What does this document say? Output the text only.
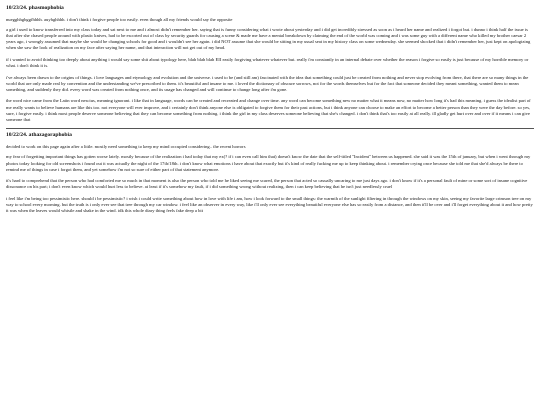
10/23/24. phasmophobia

nuegghhgbggfhhhh. auyhghhhh. i don't think i forgive people too easily. even though all my friends would say the opposite

a girl i used to know transferred into my class today and sat next to me and i almost didn't remember her. saying that is funny considering what i wrote about yesterday and i did get incredibly stressed as soon as i heard her name and realized i forgot but. i dunno i think half the issue is that after she chased people around with plastic knives, had to be escorted out of class by security guards for causing a scene & made me have a mental breakdown by claiming the end of the world was coming and i was some guy with a different name who killed my brother caesar 2 years ago, i wrongly assumed that maybe she would be changing schools for good and i wouldn't see her again. i did NOT assume that she would be sitting in my usual seat in my history class on some wednesday. she seemed shocked that i didn't remember her, just kept on apologizing when she saw the look of realization on my face after saying her name, and that interaction will not get out of my head.

if i wanted to avoid thinking too deeply about anything i would say some shit about typology here, blah blah blah EII easily forgiving whatever whatever but. really i'm constantly in an internal debate over whether the reason i forgive so easily is just because of my horrible memory or what. i don't think it is.

i've always been drawn to the origins of things. i love languages and etymology and evolution and the universe. i used to be (and still am) fascinated with the idea that something could just be created from nothing and never stop evolving from there, that there are so many things in the world that are only made real by convention and the understanding we've prescribed to them. it's beautiful and insane to me. i loved the dictionary of obscure sorrows, not for the words themselves but for the fact that someone decided they meant something, wanted them to mean something, and suddenly they did. every word was created from nothing once, and its usage has changed and will continue to change long after i'm gone.

the word nice came from the Latin word nescius, meaning ignorant. i like that in language, words can be created and recreated and change over time. any word can become something new no matter what it means now, no matter how long it's had this meaning. i guess the idealist part of me really wants to believe humans are like this too. not everyone will ever improve, and i certainly don't think anyone else is obligated to forgive them for their past actions, but i think anyone can choose to make an effort to become a better person than they were the day before. so yes, sure, i forgive easily. i think most people deserve someone believing that they can become something from nothing. i think the girl in my class deserves someone believing that she's changed. i don't think that's too easily at all really. ill gladly get hurt over and over if it means i can give someone that

10/22/24. athazagoraphobia

decided to work on this page again after a little. mostly need something to keep my mind occupied considering.. the recent horrors

my fear of forgetting important things has gotten worse lately. mostly because of the realization i had today that my ex(? if i can even call him that) doesn't know the date that the self-titled "Incident" between us happened. she said it was the 15th of january, but when i went through my photos today looking for old screenshots i found out it was actually the night of the 17th/18th. i don't know what emotions i have about that exactly but it's kind of really fucking me up to keep thinking about. i remember crying once because she told me that she'd always be there to remind me of things in case i forgot them, and yet somehow i'm not so sure of either part of that statement anymore.

it's hard to comprehend that the person who had comforted me so much in that moment is also the person who told me he liked seeing me scared, the person that acted so casually uncaring to me just days ago. i don't know if it's a personal fault of mine or some sort of insane cognitive dissonance on his part; i don't even know which would hurt less to believe. at least if it's somehow my fault, if i did something wrong without realizing, then i can keep believing that he isn't just needlessly cruel

i feel like i'm being too pessimistic here. should i be pessimistic? i wish i could write something about how in love with life i am, how i look forward to the small things: the warmth of the sunlight filtering in through the windows on my skin, seeing my favorite large crimson tree on my way to school every morning. but the truth is i only ever see that tree through my car window. i feel like an observer in every way, like i'll only ever see everything beautiful everyone else has so easily from a distance, and then it'll be over and i'll forget everything about it and how pretty it was when the leaves would whistle and shake in the wind. idk this whole diary thing feels fake deep a bit
